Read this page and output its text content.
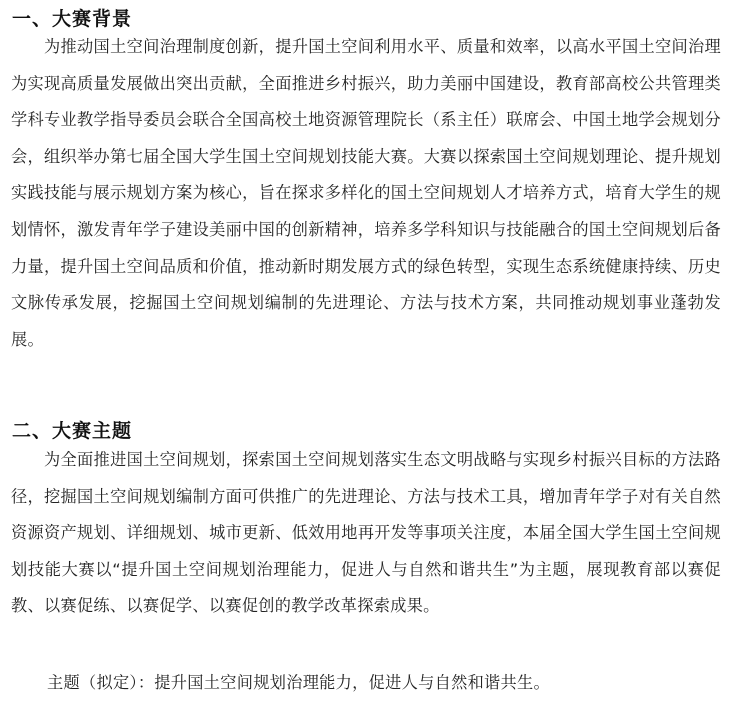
一、大赛背景

为推动国土空间治理制度创新，提升国土空间利用水平、质量和效率，以高水平国土空间治理为实现高质量发展做出突出贡献，全面推进乡村振兴，助力美丽中国建设，教育部高校公共管理类学科专业教学指导委员会联合全国高校土地资源管理院长（系主任）联席会、中国土地学会规划分会，组织举办第七届全国大学生国土空间规划技能大赛。大赛以探索国土空间规划理论、提升规划实践技能与展示规划方案为核心，旨在探求多样化的国土空间规划人才培养方式，培育大学生的规划情怀，激发青年学子建设美丽中国的创新精神，培养多学科知识与技能融合的国土空间规划后备力量，提升国土空间品质和价值，推动新时期发展方式的绿色转型，实现生态系统健康持续、历史文脉传承发展，挖掘国土空间规划编制的先进理论、方法与技术方案，共同推动规划事业蓬勃发展。

二、大赛主题

为全面推进国土空间规划，探索国土空间规划落实生态文明战略与实现乡村振兴目标的方法路径，挖掘国土空间规划编制方面可供推广的先进理论、方法与技术工具，增加青年学子对有关自然资源资产规划、详细规划、城市更新、低效用地再开发等事项关注度，本届全国大学生国土空间规划技能大赛以“提升国土空间规划治理能力，促进人与自然和谐共生”为主题，展现教育部以赛促教、以赛促练、以赛促学、以赛促创的教学改革探索成果。

主题（拟定）：提升国土空间规划治理能力，促进人与自然和谐共生。
